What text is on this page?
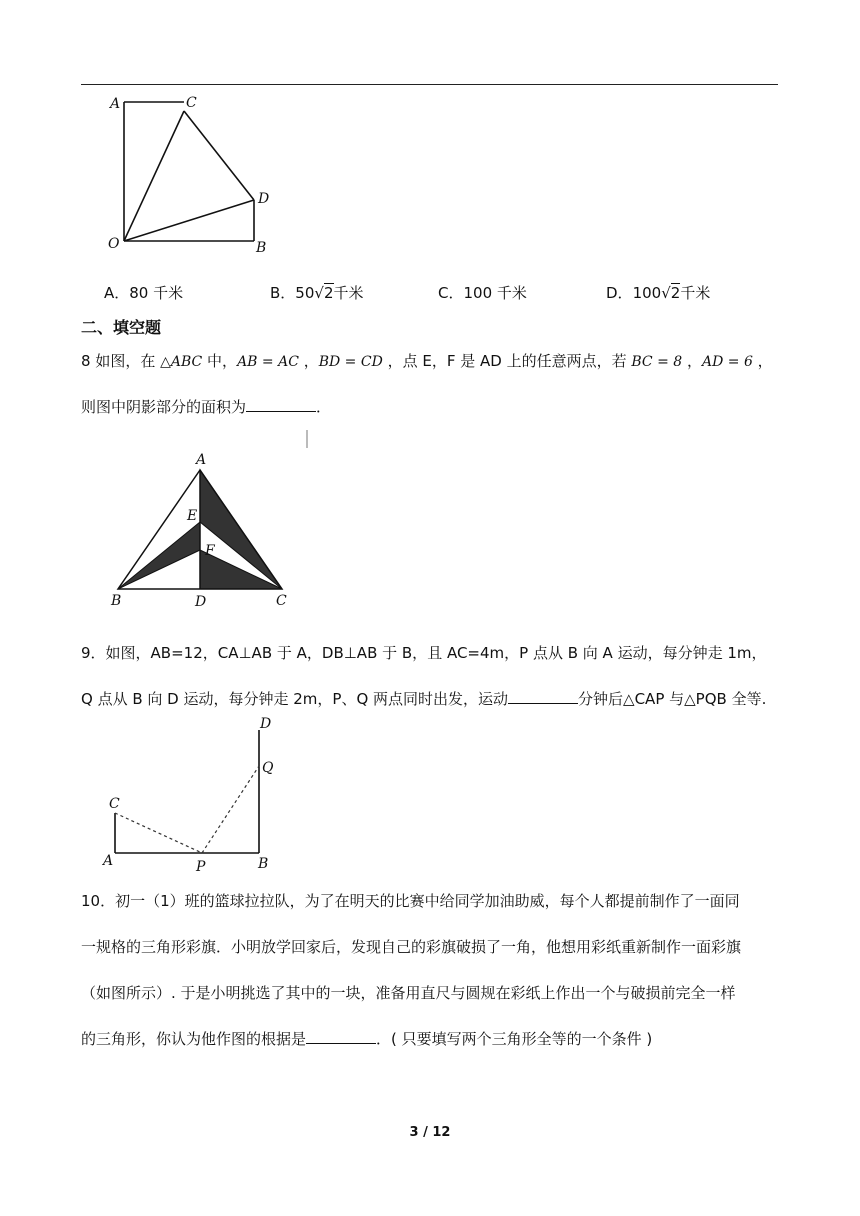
A	C
D
O	B
A．80 千米	B．50√2千米	C．100 千米	D．100√2千米
二、填空题
8 如图，在 △ABC 中，AB = AC ，BD = CD ，点 E，F 是 AD 上的任意两点，若 BC = 8 ，AD = 6 ，
则图中阴影部分的面积为	．
A
E
F
B	D	C
9．如图，AB=12，CA⊥AB 于 A，DB⊥AB 于 B，且 AC=4m，P 点从 B 向 A 运动，每分钟走 1m，
Q 点从 B 向 D 运动，每分钟走 2m，P、Q 两点同时出发，运动	分钟后△CAP 与△PQB 全等.
D
Q
C
A	P	B
10．初一（1）班的篮球拉拉队，为了在明天的比赛中给同学加油助威，每个人都提前制作了一面同
一规格的三角形彩旗．小明放学回家后，发现自己的彩旗破损了一角，他想用彩纸重新制作一面彩旗
（如图所示）. 于是小明挑选了其中的一块，准备用直尺与圆规在彩纸上作出一个与破损前完全一样
的三角形，你认为他作图的根据是	．( 只要填写两个三角形全等的一个条件 )
3 / 12
